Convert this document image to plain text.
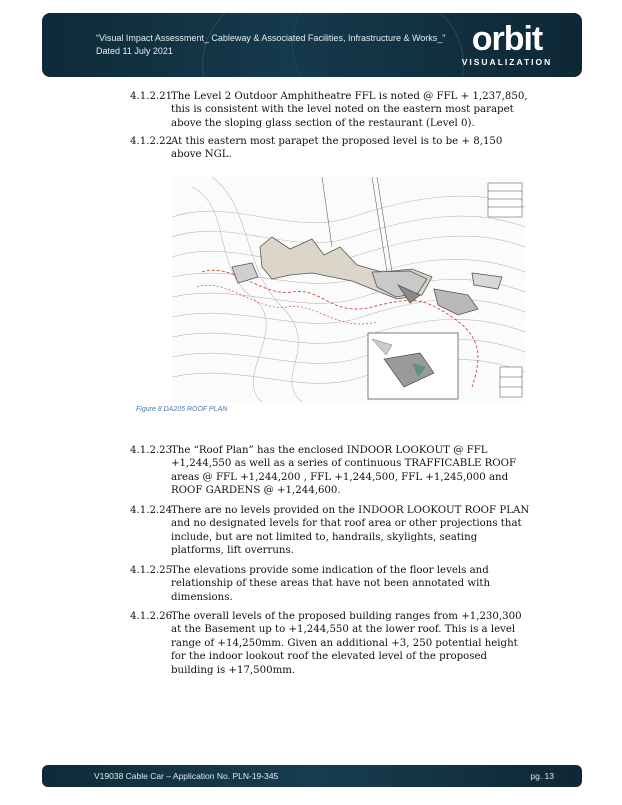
“Visual Impact Assessment_ Cableway & Associated Facilities, Infrastructure & Works_”
Dated 11 July 2021	orbit
VISUALIZATION
4.1.2.21
The Level 2 Outdoor Amphitheatre FFL is noted @ FFL + 1,237,850, this is consistent with the level noted on the eastern most parapet above the sloping glass section of the restaurant (Level 0).
4.1.2.22
At this eastern most parapet the proposed level is to be + 8,150 above NGL.
Figure 8 DA205 ROOF PLAN
4.1.2.23
The “Roof Plan” has the enclosed INDOOR LOOKOUT @ FFL +1,244,550 as well as a series of continuous TRAFFICABLE ROOF areas @ FFL +1,244,200 , FFL +1,244,500, FFL +1,245,000 and ROOF GARDENS @ +1,244,600.
4.1.2.24
There are no levels provided on the INDOOR LOOKOUT ROOF PLAN and no designated levels for that roof area or other projections that include, but are not limited to, handrails, skylights, seating platforms, lift overruns.
4.1.2.25
The elevations provide some indication of the floor levels and relationship of these areas that have not been annotated with dimensions.
4.1.2.26
The overall levels of the proposed building ranges from +1,230,300 at the Basement up to +1,244,550 at the lower roof. This is a level range of +14,250mm. Given an additional +3, 250 potential height for the indoor lookout roof the elevated level of the proposed building is +17,500mm.
V19038 Cable Car – Application No. PLN-19-345	pg. 13
